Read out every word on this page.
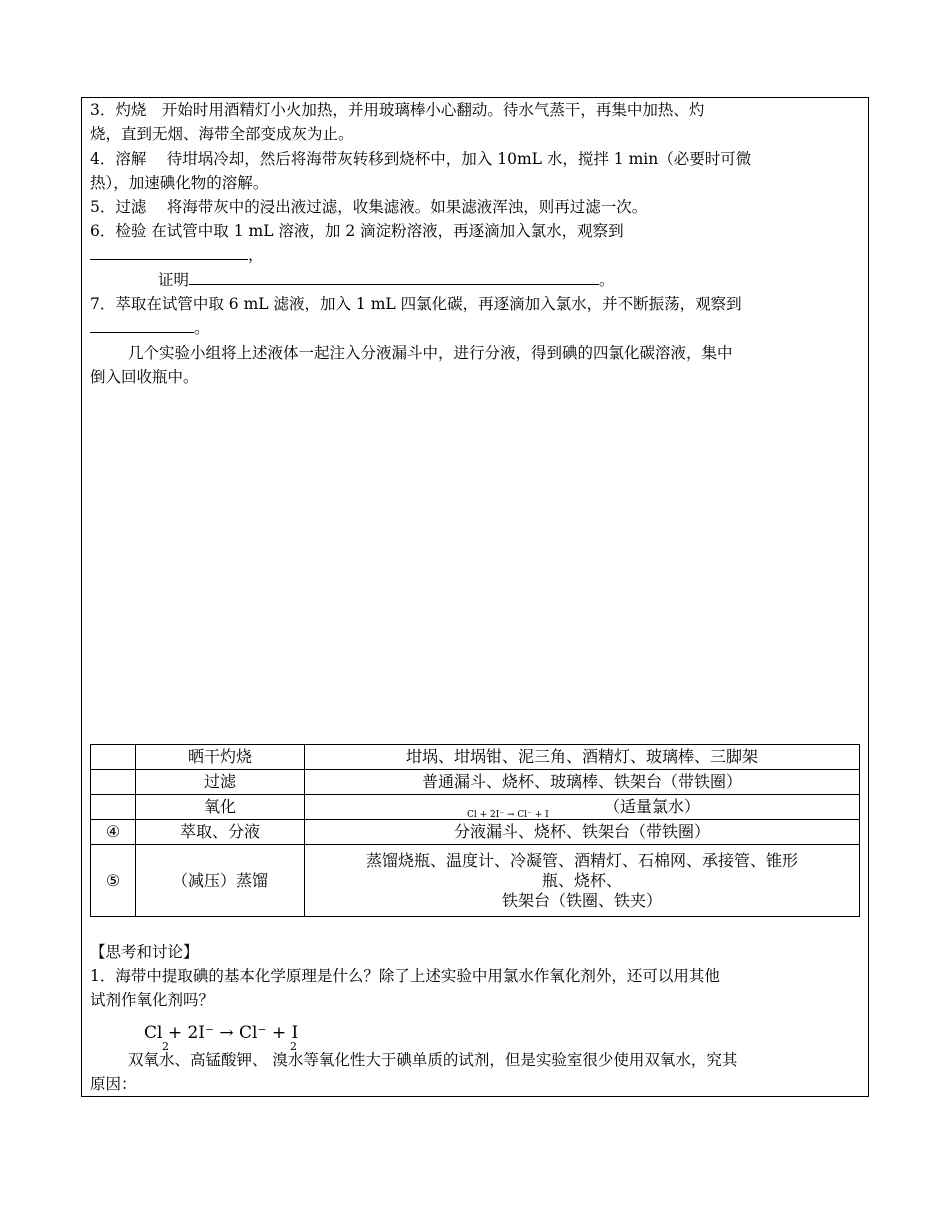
3．灼烧　开始时用酒精灯小火加热，并用玻璃棒小心翻动。待水气蒸干，再集中加热、灼
烧，直到无烟、海带全部变成灰为止。
4．溶解　 待坩埚冷却，然后将海带灰转移到烧杯中，加入 10mL 水，搅拌 1 min（必要时可微
热），加速碘化物的溶解。
5．过滤　 将海带灰中的浸出液过滤，收集滤液。如果滤液浑浊，则再过滤一次。
6．检验 在试管中取 1 mL 溶液，加 2 滴淀粉溶液，再逐滴加入氯水，观察到
，
证明	。
7．萃取在试管中取 6 mL 滤液，加入 1 mL 四氯化碳，再逐滴加入氯水，并不断振荡，观察到
。
几个实验小组将上述液体一起注入分液漏斗中，进行分液，得到碘的四氯化碳溶液，集中
倒入回收瓶中。
	晒干灼烧	坩埚、坩埚钳、泥三角、酒精灯、玻璃棒、三脚架
	过滤	普通漏斗、烧杯、玻璃棒、铁架台（带铁圈）
	氧化	（适量氯水）
Cl + 2I⁻ → Cl⁻ + I

④	萃取、分液	分液漏斗、烧杯、铁架台（带铁圈）
⑤	（减压）蒸馏	蒸馏烧瓶、温度计、冷凝管、酒精灯、石棉网、承接管、锥形
瓶、烧杯、
铁架台（铁圈、铁夹）
【思考和讨论】
1．海带中提取碘的基本化学原理是什么？除了上述实验中用氯水作氧化剂外，还可以用其他
试剂作氧化剂吗？
Cl + 2I⁻ → Cl⁻ + I
2	2
双氧水、高锰酸钾、 溴水等氧化性大于碘单质的试剂，但是实验室很少使用双氧水，究其
原因：
